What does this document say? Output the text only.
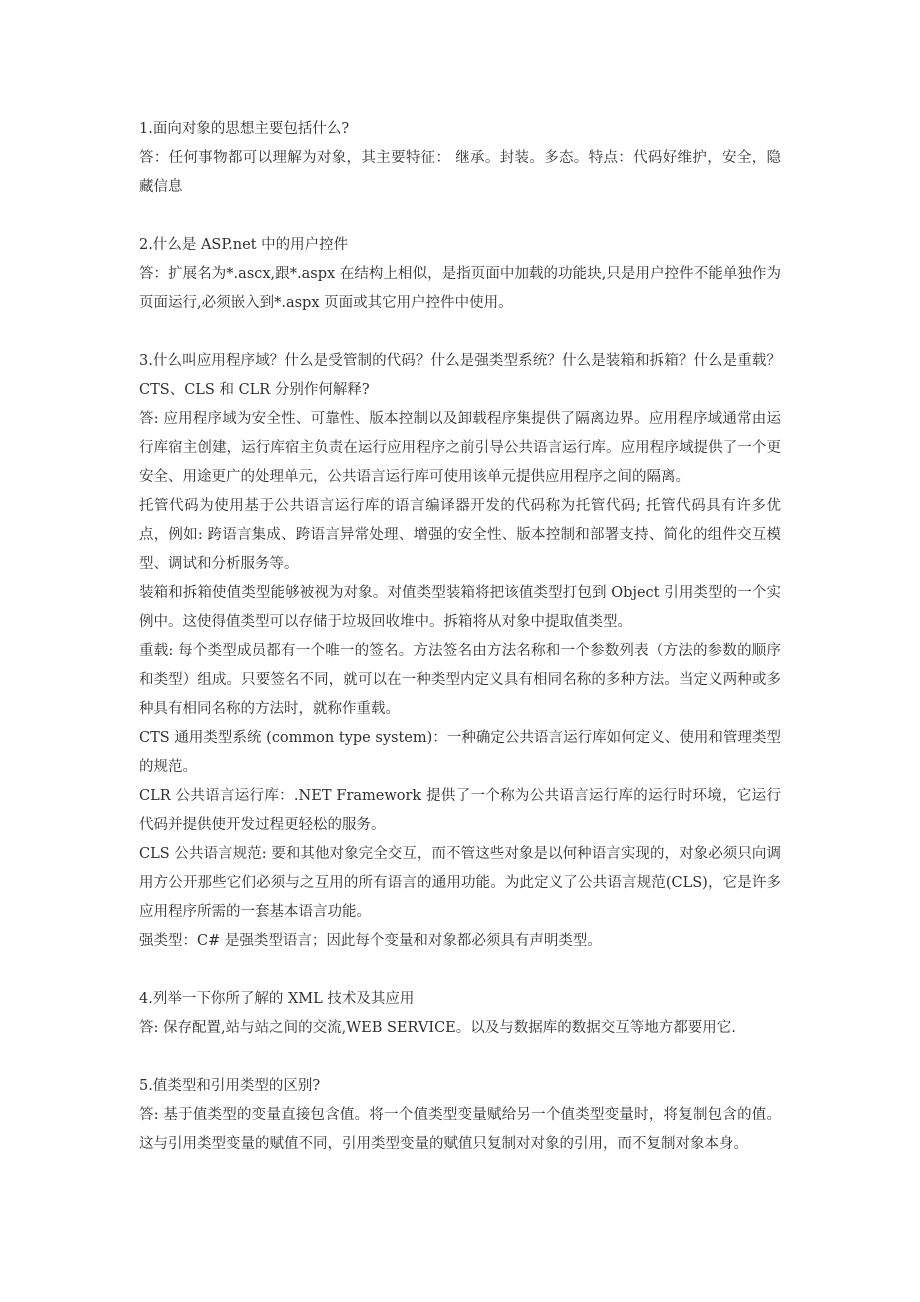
1.面向对象的思想主要包括什么?

答：任何事物都可以理解为对象，其主要特征： 继承。封装。多态。特点：代码好维护，安全，隐藏信息

2.什么是 ASP.net 中的用户控件

答：扩展名为*.ascx,跟*.aspx 在结构上相似，是指页面中加载的功能块,只是用户控件不能单独作为页面运行,必须嵌入到*.aspx 页面或其它用户控件中使用。

3.什么叫应用程序域？什么是受管制的代码？什么是强类型系统？什么是装箱和拆箱？什么是重载？CTS、CLS 和 CLR 分别作何解释?

答: 应用程序域为安全性、可靠性、版本控制以及卸载程序集提供了隔离边界。应用程序域通常由运行库宿主创建，运行库宿主负责在运行应用程序之前引导公共语言运行库。应用程序域提供了一个更安全、用途更广的处理单元，公共语言运行库可使用该单元提供应用程序之间的隔离。

托管代码为使用基于公共语言运行库的语言编译器开发的代码称为托管代码; 托管代码具有许多优点，例如: 跨语言集成、跨语言异常处理、增强的安全性、版本控制和部署支持、简化的组件交互模型、调试和分析服务等。

装箱和拆箱使值类型能够被视为对象。对值类型装箱将把该值类型打包到 Object 引用类型的一个实例中。这使得值类型可以存储于垃圾回收堆中。拆箱将从对象中提取值类型。

重载: 每个类型成员都有一个唯一的签名。方法签名由方法名称和一个参数列表（方法的参数的顺序和类型）组成。只要签名不同，就可以在一种类型内定义具有相同名称的多种方法。当定义两种或多种具有相同名称的方法时，就称作重载。

CTS 通用类型系统 (common type system)：一种确定公共语言运行库如何定义、使用和管理类型的规范。

CLR 公共语言运行库：.NET Framework 提供了一个称为公共语言运行库的运行时环境，它运行代码并提供使开发过程更轻松的服务。

CLS 公共语言规范: 要和其他对象完全交互，而不管这些对象是以何种语言实现的，对象必须只向调用方公开那些它们必须与之互用的所有语言的通用功能。为此定义了公共语言规范(CLS)，它是许多应用程序所需的一套基本语言功能。

强类型：C# 是强类型语言；因此每个变量和对象都必须具有声明类型。

4.列举一下你所了解的 XML 技术及其应用

答: 保存配置,站与站之间的交流,WEB SERVICE。以及与数据库的数据交互等地方都要用它.

5.值类型和引用类型的区别?

答: 基于值类型的变量直接包含值。将一个值类型变量赋给另一个值类型变量时，将复制包含的值。这与引用类型变量的赋值不同，引用类型变量的赋值只复制对对象的引用，而不复制对象本身。
